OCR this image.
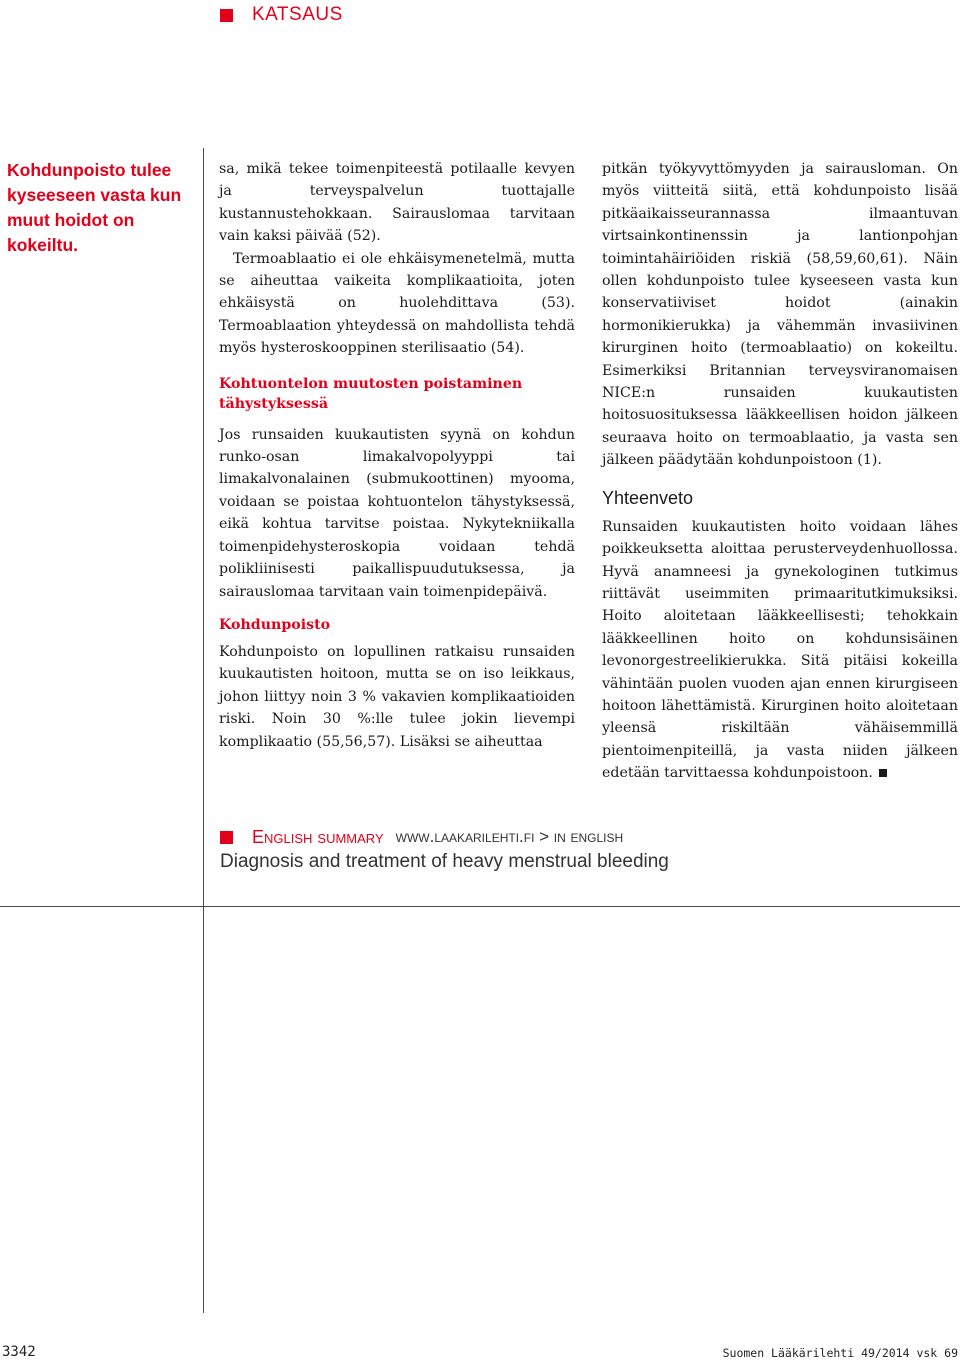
KATSAUS
Kohdunpoisto tulee kyseeseen vasta kun muut hoidot on kokeiltu.

sa, mikä tekee toimenpiteestä potilaalle kevyen ja terveyspalvelun tuottajalle kustannustehokkaan. Sairauslomaa tarvitaan vain kaksi päivää (52).

Termoablaatio ei ole ehkäisymenetelmä, mutta se aiheuttaa vaikeita komplikaatioita, joten ehkäisystä on huolehdittava (53). Termoablaation yhteydessä on mahdollista tehdä myös hysteroskooppinen sterilisaatio (54).

Kohtuontelon muutosten poistaminen tähystyksessä

Jos runsaiden kuukautisten syynä on kohdun runko-osan limakalvopolyyppi tai limakalvonalainen (submukoottinen) myooma, voidaan se poistaa kohtuontelon tähystyksessä, eikä kohtua tarvitse poistaa. Nykytekniikalla toimenpidehysteroskopia voidaan tehdä polikliinisesti paikallispuudutuksessa, ja sairauslomaa tarvitaan vain toimenpidepäivä.

Kohdunpoisto

Kohdunpoisto on lopullinen ratkaisu runsaiden kuukautisten hoitoon, mutta se on iso leikkaus, johon liittyy noin 3 % vakavien komplikaatioiden riski. Noin 30 %:lle tulee jokin lievempi komplikaatio (55,56,57). Lisäksi se aiheuttaa

pitkän työkyvyttömyyden ja sairausloman. On myös viitteitä siitä, että kohdunpoisto lisää pitkäaikaisseurannassa ilmaantuvan virtsainkontinenssin ja lantionpohjan toimintahäiriöiden riskiä (58,59,60,61). Näin ollen kohdunpoisto tulee kyseeseen vasta kun konservatiiviset hoidot (ainakin hormonikierukka) ja vähemmän invasiivinen kirurginen hoito (termoablaatio) on kokeiltu. Esimerkiksi Britannian terveysviranomaisen NICE:n runsaiden kuukautisten hoitosuosituksessa lääkkeellisen hoidon jälkeen seuraava hoito on termoablaatio, ja vasta sen jälkeen päädytään kohdunpoistoon (1).

Yhteenveto

Runsaiden kuukautisten hoito voidaan lähes poikkeuksetta aloittaa perusterveydenhuollossa. Hyvä anamneesi ja gynekologinen tutkimus riittävät useimmiten primaaritutkimuksiksi. Hoito aloitetaan lääkkeellisesti; tehokkain lääkkeellinen hoito on kohdunsisäinen levonorgestreelikierukka. Sitä pitäisi kokeilla vähintään puolen vuoden ajan ennen kirurgiseen hoitoon lähettämistä. Kirurginen hoito aloitetaan yleensä riskiltään vähäisemmillä pientoimenpiteillä, ja vasta niiden jälkeen edetään tarvittaessa kohdunpoistoon.

English summary www.laakarilehti.fi > in english
Diagnosis and treatment of heavy menstrual bleeding
3342	Suomen Lääkärilehti 49/2014 vsk 69
